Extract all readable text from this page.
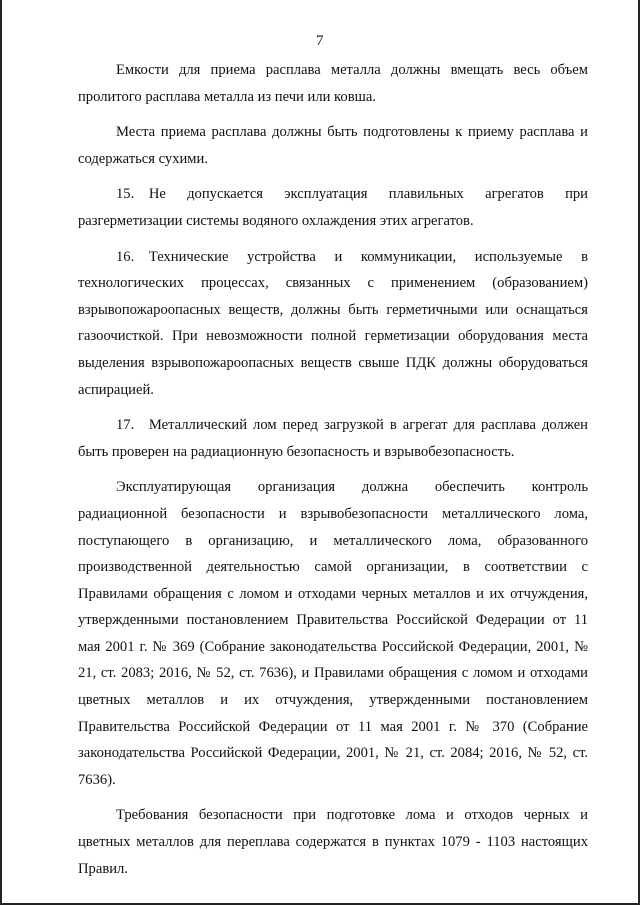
7

Емкости для приема расплава металла должны вмещать весь объем пролитого расплава металла из печи или ковша.

Места приема расплава должны быть подготовлены к приему расплава и содержаться сухими.

15. Не допускается эксплуатация плавильных агрегатов при разгерметизации системы водяного охлаждения этих агрегатов.

16. Технические устройства и коммуникации, используемые в технологических процессах, связанных с применением (образованием) взрывопожароопасных веществ, должны быть герметичными или оснащаться газоочисткой. При невозможности полной герметизации оборудования места выделения взрывопожароопасных веществ свыше ПДК должны оборудоваться аспирацией.

17. Металлический лом перед загрузкой в агрегат для расплава должен быть проверен на радиационную безопасность и взрывобезопасность.

Эксплуатирующая организация должна обеспечить контроль радиационной безопасности и взрывобезопасности металлического лома, поступающего в организацию, и металлического лома, образованного производственной деятельностью самой организации, в соответствии с Правилами обращения с ломом и отходами черных металлов и их отчуждения, утвержденными постановлением Правительства Российской Федерации от 11 мая 2001 г. № 369 (Собрание законодательства Российской Федерации, 2001, № 21, ст. 2083; 2016, № 52, ст. 7636), и Правилами обращения с ломом и отходами цветных металлов и их отчуждения, утвержденными постановлением Правительства Российской Федерации от 11 мая 2001 г. № 370 (Собрание законодательства Российской Федерации, 2001, № 21, ст. 2084; 2016, № 52, ст. 7636).

Требования безопасности при подготовке лома и отходов черных и цветных металлов для переплава содержатся в пунктах 1079 - 1103 настоящих Правил.
